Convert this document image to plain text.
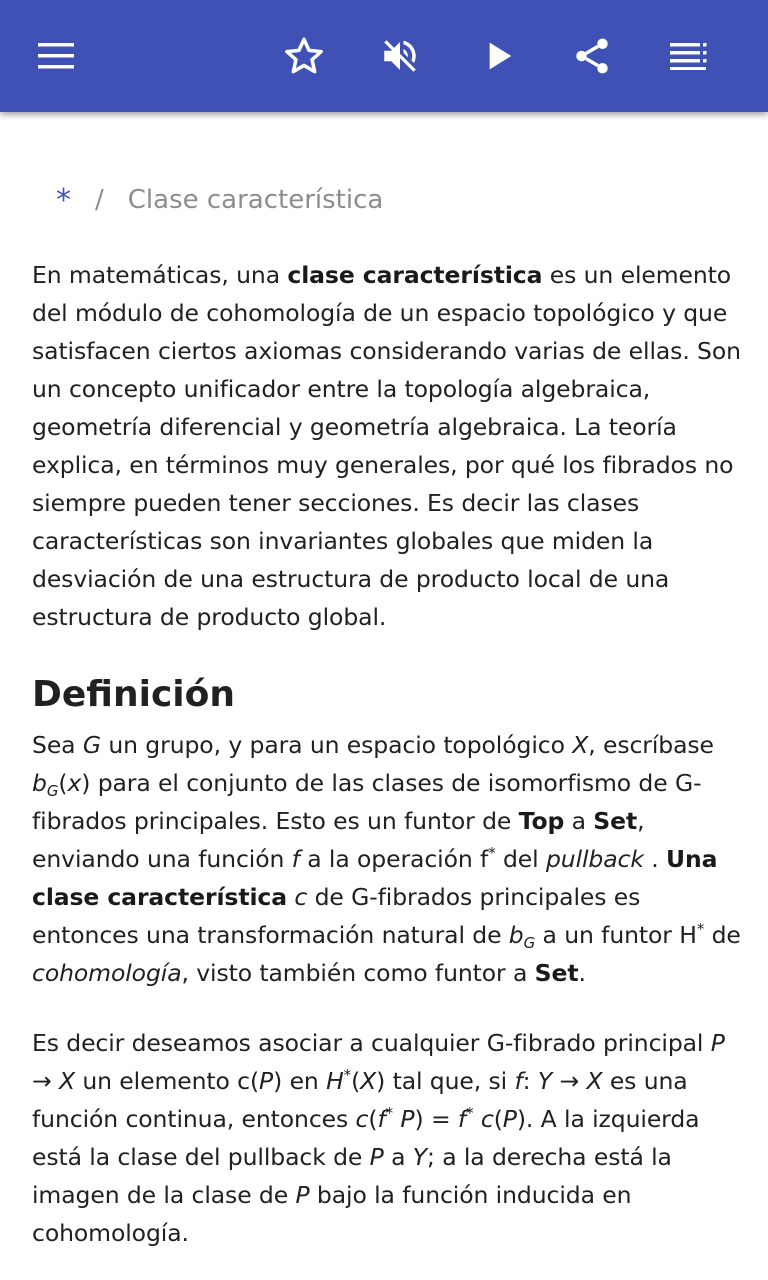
* / Clase característica

En matemáticas, una clase característica es un elemento del módulo de cohomología de un espacio topológico y que satisfacen ciertos axiomas considerando varias de ellas. Son un concepto unificador entre la topología algebraica, geometría diferencial y geometría algebraica. La teoría explica, en términos muy generales, por qué los fibrados no siempre pueden tener secciones. Es decir las clases características son invariantes globales que miden la desviación de una estructura de producto local de una estructura de producto global.

Definición

Sea G un grupo, y para un espacio topológico X, escríbase $b_G(x)$ para el conjunto de las clases de isomorfismo de G-fibrados principales. Esto es un funtor de Top a Set, enviando una función f a la operación f* del pullback . Una clase característica c de G-fibrados principales es entonces una transformación natural de $b_G$ a un funtor H* de cohomología, visto también como funtor a Set.

Es decir deseamos asociar a cualquier G-fibrado principal P → X un elemento c(P) en H*(X) tal que, si f: Y → X es una función continua, entonces c(f* P) = f* c(P). A la izquierda está la clase del pullback de P a Y; a la derecha está la imagen de la clase de P bajo la función inducida en cohomología.
